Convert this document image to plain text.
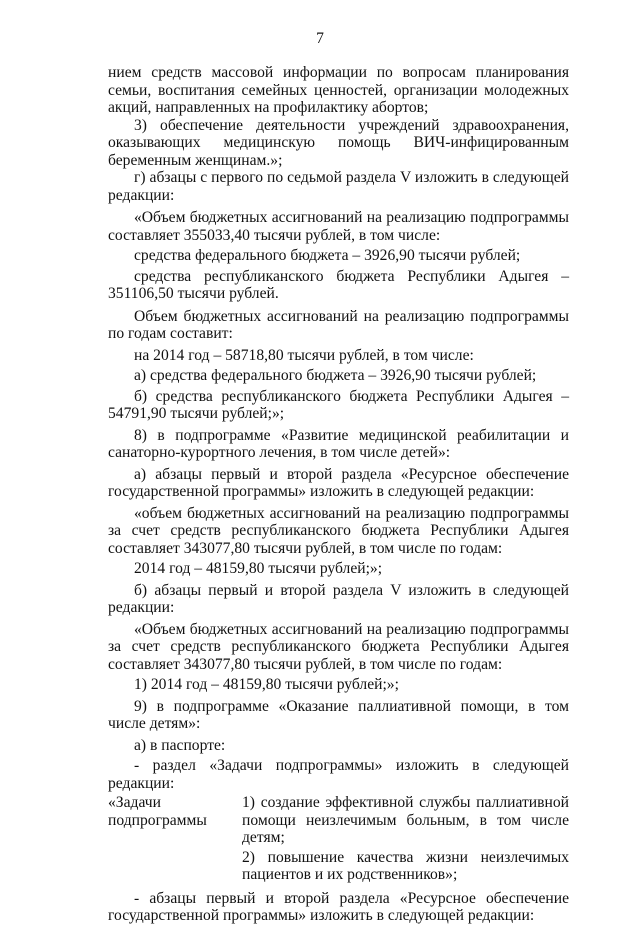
7

нием средств массовой информации по вопросам планирования семьи, воспитания семейных ценностей, организации молодежных акций, направленных на профилактику абортов;

3) обеспечение деятельности учреждений здравоохранения, оказывающих медицинскую помощь ВИЧ-инфицированным беременным женщинам.»;

г) абзацы с первого по седьмой раздела V изложить в следующей редакции:

«Объем бюджетных ассигнований на реализацию подпрограммы составляет 355033,40 тысячи рублей, в том числе:

средства федерального бюджета – 3926,90 тысячи рублей;

средства республиканского бюджета Республики Адыгея –

351106,50 тысячи рублей.

Объем бюджетных ассигнований на реализацию подпрограммы по годам составит:

на 2014 год – 58718,80 тысячи рублей, в том числе:

а) средства федерального бюджета – 3926,90 тысячи рублей;

б) средства республиканского бюджета Республики Адыгея – 54791,90 тысячи рублей;»;

8) в подпрограмме «Развитие медицинской реабилитации и санаторно-курортного лечения, в том числе детей»:

а) абзацы первый и второй раздела «Ресурсное обеспечение государственной программы» изложить в следующей редакции:

«объем бюджетных ассигнований на реализацию подпрограммы за счет средств республиканского бюджета Республики Адыгея составляет 343077,80 тысячи рублей, в том числе по годам:

2014 год – 48159,80 тысячи рублей;»;

б) абзацы первый и второй раздела V изложить в следующей редакции:

«Объем бюджетных ассигнований на реализацию подпрограммы за счет средств республиканского бюджета Республики Адыгея составляет 343077,80 тысячи рублей, в том числе по годам:

1) 2014 год – 48159,80 тысячи рублей;»;

9) в подпрограмме «Оказание паллиативной помощи, в том числе детям»:

а) в паспорте:

- раздел «Задачи подпрограммы» изложить в следующей редакции:

«Задачи подпрограммы

1) создание эффективной службы паллиативной помощи неизлечимым больным, в том числе детям;

2) повышение качества жизни неизлечимых пациентов и их родственников»;

- абзацы первый и второй раздела «Ресурсное обеспечение государственной программы» изложить в следующей редакции:
